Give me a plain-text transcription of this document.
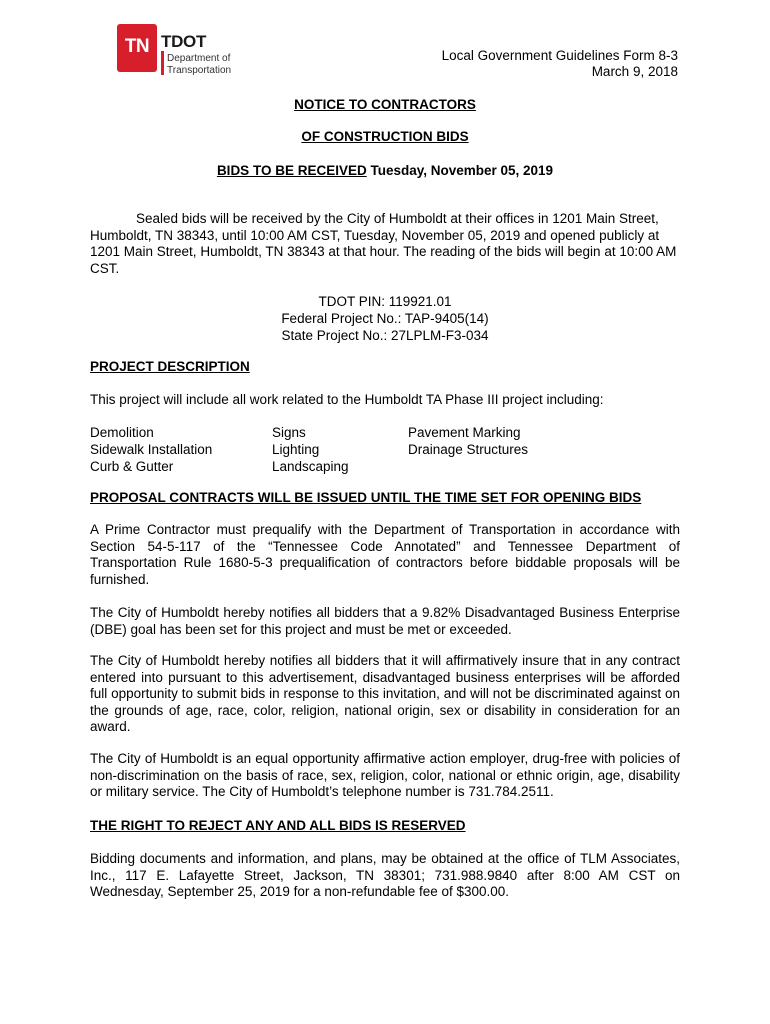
TN TDOT
Department of
Transportation
Local Government Guidelines Form 8-3
March 9, 2018
NOTICE TO CONTRACTORS
OF CONSTRUCTION BIDS
BIDS TO BE RECEIVED Tuesday, November 05, 2019

Sealed bids will be received by the City of Humboldt at their offices in 1201 Main Street, Humboldt, TN 38343, until 10:00 AM CST, Tuesday, November 05, 2019 and opened publicly at 1201 Main Street, Humboldt, TN 38343 at that hour. The reading of the bids will begin at 10:00 AM CST.

TDOT PIN: 119921.01
Federal Project No.: TAP-9405(14)
State Project No.: 27LPLM-F3-034
PROJECT DESCRIPTION

This project will include all work related to the Humboldt TA Phase III project including:

Demolition
Sidewalk Installation
Curb & Gutter
Signs
Lighting
Landscaping
Pavement Marking
Drainage Structures
PROPOSAL CONTRACTS WILL BE ISSUED UNTIL THE TIME SET FOR OPENING BIDS

A Prime Contractor must prequalify with the Department of Transportation in accordance with Section 54-5-117 of the “Tennessee Code Annotated” and Tennessee Department of Transportation Rule 1680-5-3 prequalification of contractors before biddable proposals will be furnished.

The City of Humboldt hereby notifies all bidders that a 9.82% Disadvantaged Business Enterprise (DBE) goal has been set for this project and must be met or exceeded.

The City of Humboldt hereby notifies all bidders that it will affirmatively insure that in any contract entered into pursuant to this advertisement, disadvantaged business enterprises will be afforded full opportunity to submit bids in response to this invitation, and will not be discriminated against on the grounds of age, race, color, religion, national origin, sex or disability in consideration for an award.

The City of Humboldt is an equal opportunity affirmative action employer, drug-free with policies of non-discrimination on the basis of race, sex, religion, color, national or ethnic origin, age, disability or military service. The City of Humboldt’s telephone number is 731.784.2511.

THE RIGHT TO REJECT ANY AND ALL BIDS IS RESERVED

Bidding documents and information, and plans, may be obtained at the office of TLM Associates, Inc., 117 E. Lafayette Street, Jackson, TN 38301; 731.988.9840 after 8:00 AM CST on Wednesday, September 25, 2019 for a non-refundable fee of $300.00.
